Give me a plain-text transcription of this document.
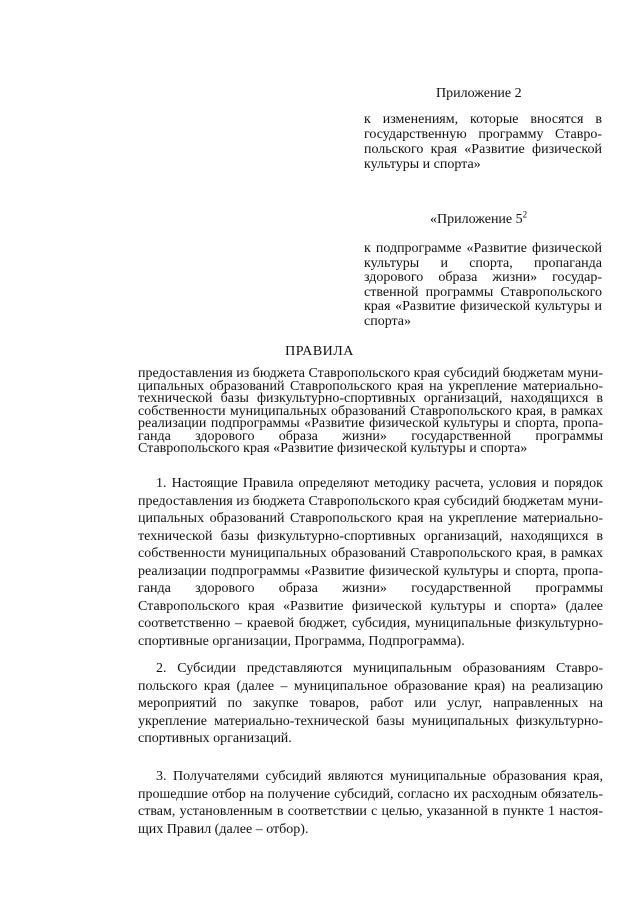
Приложение 2
к изменениям, которые вносятся в государственную программу Ставропольского края «Развитие физической культуры и спорта»
«Приложение $5^2$
к подпрограмме «Развитие физической культуры и спорта, пропаганда здорового образа жизни» государственной программы Ставропольского края «Развитие физической культуры и спорта»
ПРАВИЛА
предоставления из бюджета Ставропольского края субсидий бюджетам муниципальных образований Ставропольского края на укрепление материально-технической базы физкультурно-спортивных организаций, находящихся в собственности муниципальных образований Ставропольского края, в рамках реализации подпрограммы «Развитие физической культуры и спорта, пропаганда здорового образа жизни» государственной программы Ставропольского края «Развитие физической культуры и спорта»
1. Настоящие Правила определяют методику расчета, условия и порядок предоставления из бюджета Ставропольского края субсидий бюджетам муниципальных образований Ставропольского края на укрепление материально-технической базы физкультурно-спортивных организаций, находящихся в собственности муниципальных образований Ставропольского края, в рамках реализации подпрограммы «Развитие физической культуры и спорта, пропаганда здорового образа жизни» государственной программы Ставропольского края «Развитие физической культуры и спорта» (далее соответственно – краевой бюджет, субсидия, муниципальные физкультурно-спортивные организации, Программа, Подпрограмма).
2. Субсидии представляются муниципальным образованиям Ставропольского края (далее – муниципальное образование края) на реализацию мероприятий по закупке товаров, работ или услуг, направленных на укрепление материально-технической базы муниципальных физкультурно-спортивных организаций.
3. Получателями субсидий являются муниципальные образования края, прошедшие отбор на получение субсидий, согласно их расходным обязательствам, установленным в соответствии с целью, указанной в пункте 1 настоящих Правил (далее – отбор).
